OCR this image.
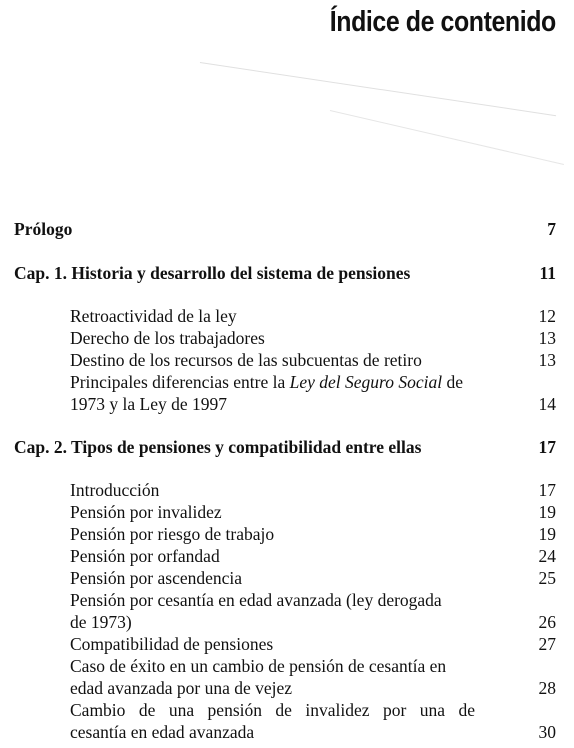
Índice de contenido
Prólogo	7
Cap. 1. Historia y desarrollo del sistema de pensiones	11
Retroactividad de la ley	12
Derecho de los trabajadores	13
Destino de los recursos de las subcuentas de retiro	13
Principales diferencias entre la Ley del Seguro Social de
1973 y la Ley de 1997	14
Cap. 2. Tipos de pensiones y compatibilidad entre ellas	17
Introducción	17
Pensión por invalidez	19
Pensión por riesgo de trabajo	19
Pensión por orfandad	24
Pensión por ascendencia	25
Pensión por cesantía en edad avanzada (ley derogada
de 1973)	26
Compatibilidad de pensiones	27
Caso de éxito en un cambio de pensión de cesantía en
edad avanzada por una de vejez	28
Cambio de una pensión de invalidez por una de
cesantía en edad avanzada	30
